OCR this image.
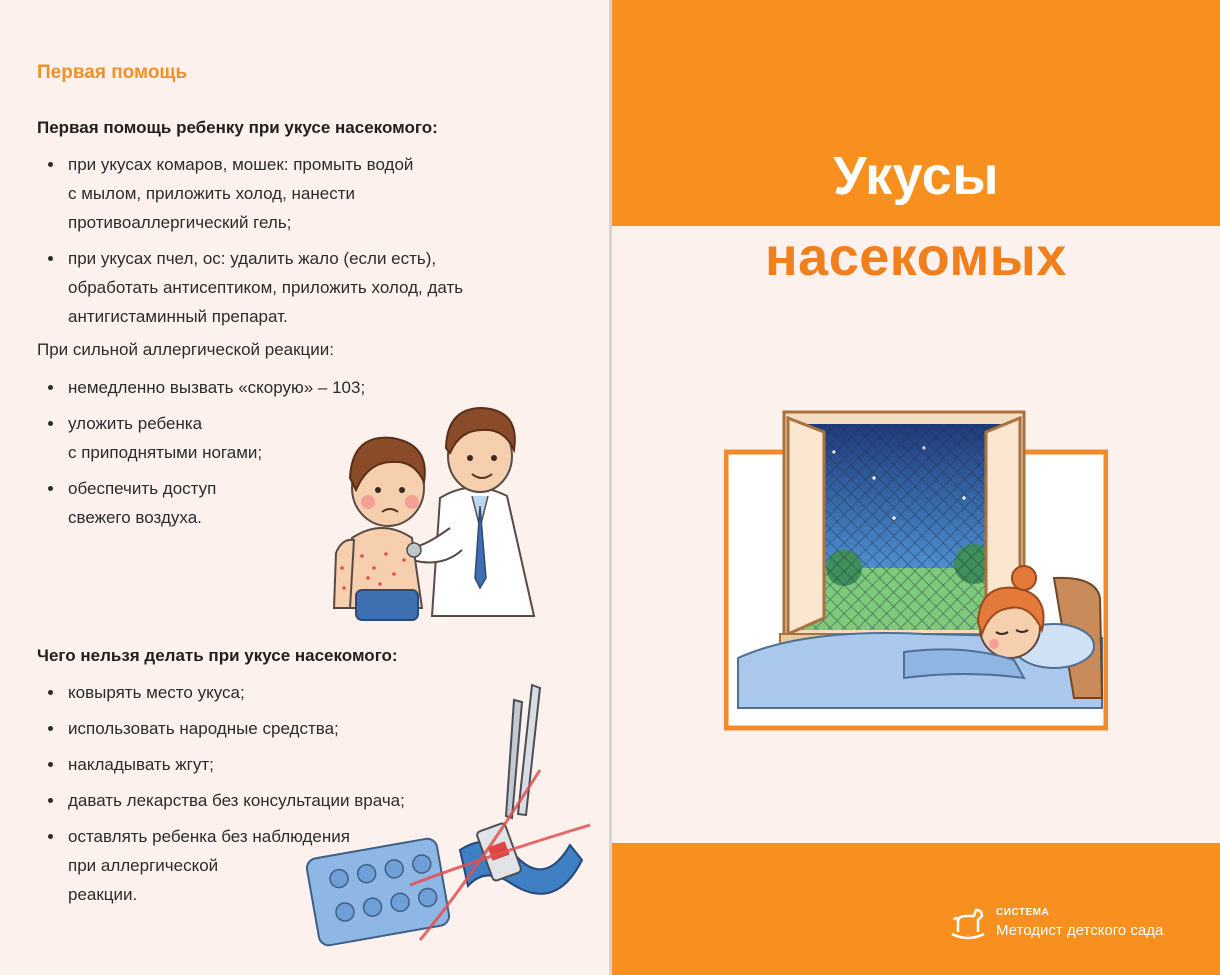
Первая помощь
Первая помощь ребенку при укусе насекомого:
при укусах комаров, мошек: промыть водой
с мылом, приложить холод, нанести
противоаллергический гель;
при укусах пчел, ос: удалить жало (если есть),
обработать антисептиком, приложить холод, дать
антигистаминный препарат.
При сильной аллергической реакции:
немедленно вызвать «скорую» – 103;
уложить ребенка
с приподнятыми ногами;
обеспечить доступ
свежего воздуха.
Чего нельзя делать при укусе насекомого:
ковырять место укуса;
использовать народные средства;
накладывать жгут;
давать лекарства без консультации врача;
оставлять ребенка без наблюдения
при аллергической
реакции.
Укусы
насекомых
СИСТЕМА
Методист детского сада
